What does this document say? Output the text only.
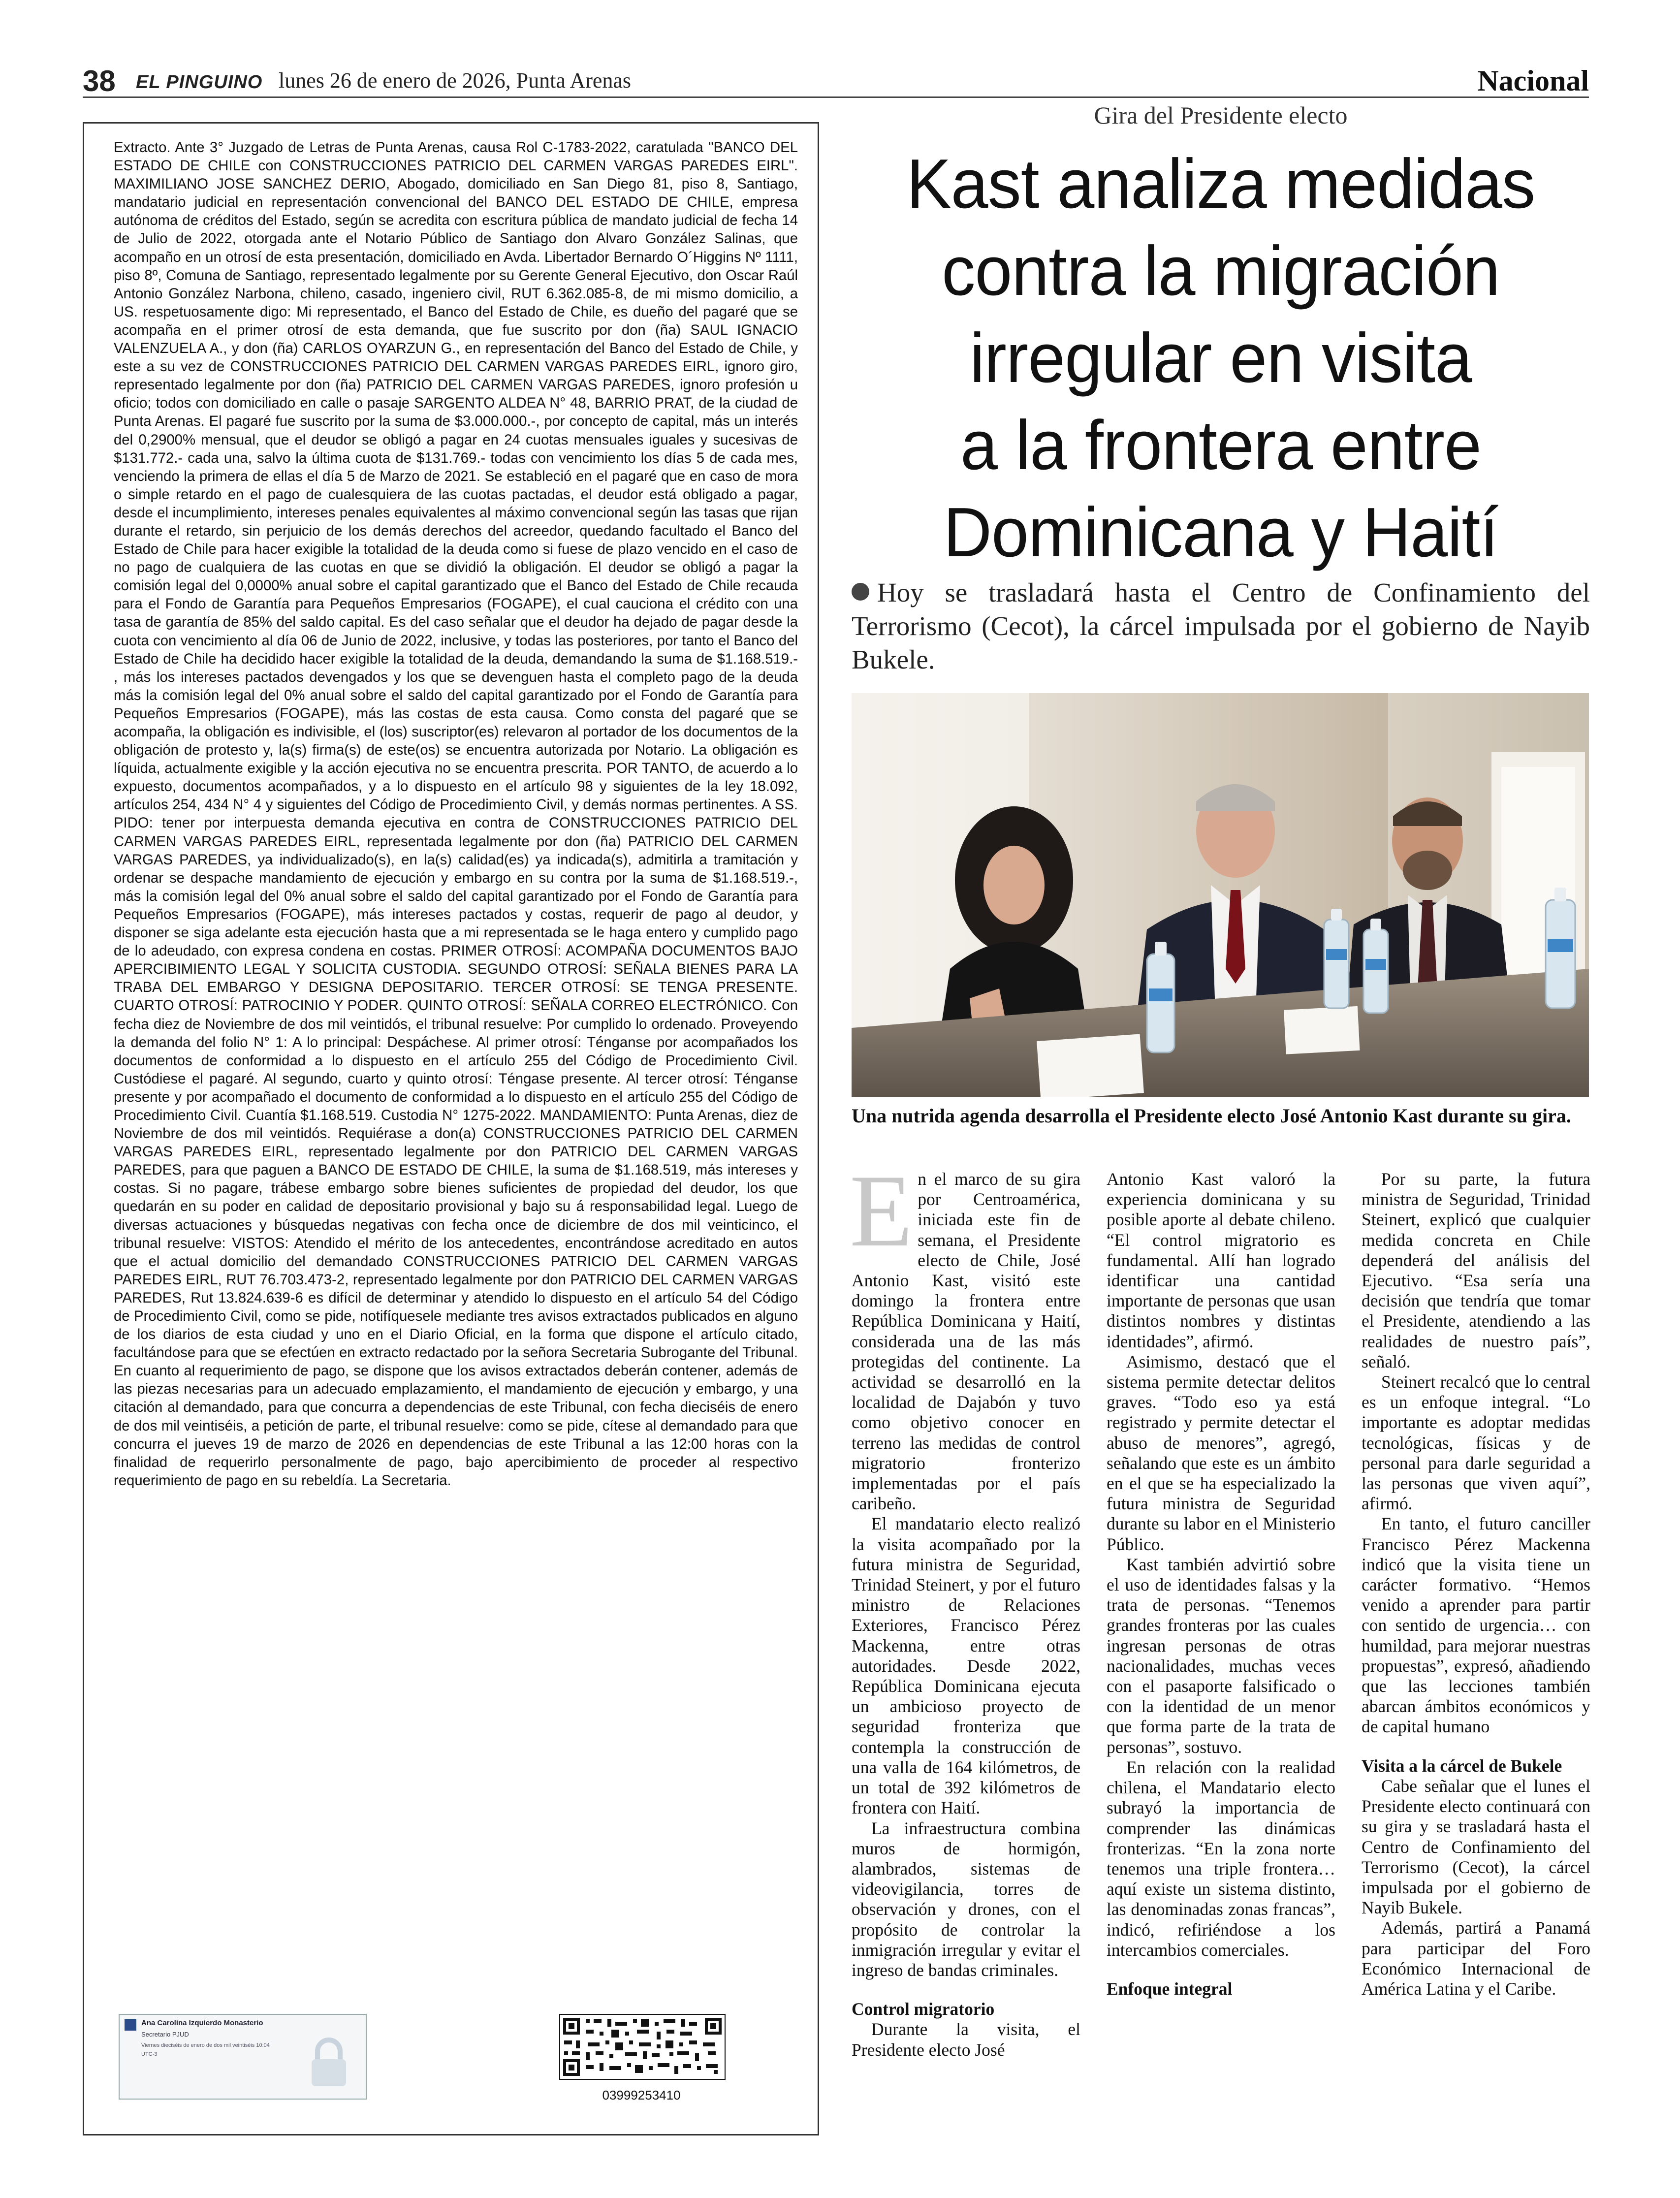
38 EL PINGUINO lunes 26 de enero de 2026, Punta Arenas	Nacional

Extracto. Ante 3° Juzgado de Letras de Punta Arenas, causa Rol C-1783-2022, caratulada "BANCO DEL ESTADO DE CHILE con CONSTRUCCIONES PATRICIO DEL CARMEN VARGAS PAREDES EIRL". MAXIMILIANO JOSE SANCHEZ DERIO, Abogado, domiciliado en San Diego 81, piso 8, Santiago, mandatario judicial en representación convencional del BANCO DEL ESTADO DE CHILE, empresa autónoma de créditos del Estado, según se acredita con escritura pública de mandato judicial de fecha 14 de Julio de 2022, otorgada ante el Notario Público de Santiago don Alvaro González Salinas, que acompaño en un otrosí de esta presentación, domiciliado en Avda. Libertador Bernardo O´Higgins Nº 1111, piso 8º, Comuna de Santiago, representado legalmente por su Gerente General Ejecutivo, don Oscar Raúl Antonio González Narbona, chileno, casado, ingeniero civil, RUT 6.362.085-8, de mi mismo domicilio, a US. respetuosamente digo: Mi representado, el Banco del Estado de Chile, es dueño del pagaré que se acompaña en el primer otrosí de esta demanda, que fue suscrito por don (ña) SAUL IGNACIO VALENZUELA A., y don (ña) CARLOS OYARZUN G., en representación del Banco del Estado de Chile, y este a su vez de CONSTRUCCIONES PATRICIO DEL CARMEN VARGAS PAREDES EIRL, ignoro giro, representado legalmente por don (ña) PATRICIO DEL CARMEN VARGAS PAREDES, ignoro profesión u oficio; todos con domiciliado en calle o pasaje SARGENTO ALDEA N° 48, BARRIO PRAT, de la ciudad de Punta Arenas. El pagaré fue suscrito por la suma de $3.000.000.-, por concepto de capital, más un interés del 0,2900% mensual, que el deudor se obligó a pagar en 24 cuotas mensuales iguales y sucesivas de $131.772.- cada una, salvo la última cuota de $131.769.- todas con vencimiento los días 5 de cada mes, venciendo la primera de ellas el día 5 de Marzo de 2021. Se estableció en el pagaré que en caso de mora o simple retardo en el pago de cualesquiera de las cuotas pactadas, el deudor está obligado a pagar, desde el incumplimiento, intereses penales equivalentes al máximo convencional según las tasas que rijan durante el retardo, sin perjuicio de los demás derechos del acreedor, quedando facultado el Banco del Estado de Chile para hacer exigible la totalidad de la deuda como si fuese de plazo vencido en el caso de no pago de cualquiera de las cuotas en que se dividió la obligación. El deudor se obligó a pagar la comisión legal del 0,0000% anual sobre el capital garantizado que el Banco del Estado de Chile recauda para el Fondo de Garantía para Pequeños Empresarios (FOGAPE), el cual cauciona el crédito con una tasa de garantía de 85% del saldo capital. Es del caso señalar que el deudor ha dejado de pagar desde la cuota con vencimiento al día 06 de Junio de 2022, inclusive, y todas las posteriores, por tanto el Banco del Estado de Chile ha decidido hacer exigible la totalidad de la deuda, demandando la suma de $1.168.519.- , más los intereses pactados devengados y los que se devenguen hasta el completo pago de la deuda más la comisión legal del 0% anual sobre el saldo del capital garantizado por el Fondo de Garantía para Pequeños Empresarios (FOGAPE), más las costas de esta causa. Como consta del pagaré que se acompaña, la obligación es indivisible, el (los) suscriptor(es) relevaron al portador de los documentos de la obligación de protesto y, la(s) firma(s) de este(os) se encuentra autorizada por Notario. La obligación es líquida, actualmente exigible y la acción ejecutiva no se encuentra prescrita. POR TANTO, de acuerdo a lo expuesto, documentos acompañados, y a lo dispuesto en el artículo 98 y siguientes de la ley 18.092, artículos 254, 434 N° 4 y siguientes del Código de Procedimiento Civil, y demás normas pertinentes. A SS. PIDO: tener por interpuesta demanda ejecutiva en contra de CONSTRUCCIONES PATRICIO DEL CARMEN VARGAS PAREDES EIRL, representada legalmente por don (ña) PATRICIO DEL CARMEN VARGAS PAREDES, ya individualizado(s), en la(s) calidad(es) ya indicada(s), admitirla a tramitación y ordenar se despache mandamiento de ejecución y embargo en su contra por la suma de $1.168.519.-, más la comisión legal del 0% anual sobre el saldo del capital garantizado por el Fondo de Garantía para Pequeños Empresarios (FOGAPE), más intereses pactados y costas, requerir de pago al deudor, y disponer se siga adelante esta ejecución hasta que a mi representada se le haga entero y cumplido pago de lo adeudado, con expresa condena en costas. PRIMER OTROSÍ: ACOMPAÑA DOCUMENTOS BAJO APERCIBIMIENTO LEGAL Y SOLICITA CUSTODIA. SEGUNDO OTROSÍ: SEÑALA BIENES PARA LA TRABA DEL EMBARGO Y DESIGNA DEPOSITARIO. TERCER OTROSÍ: SE TENGA PRESENTE. CUARTO OTROSÍ: PATROCINIO Y PODER. QUINTO OTROSÍ: SEÑALA CORREO ELECTRÓNICO. Con fecha diez de Noviembre de dos mil veintidós, el tribunal resuelve: Por cumplido lo ordenado. Proveyendo la demanda del folio N° 1: A lo principal: Despáchese. Al primer otrosí: Ténganse por acompañados los documentos de conformidad a lo dispuesto en el artículo 255 del Código de Procedimiento Civil. Custódiese el pagaré. Al segundo, cuarto y quinto otrosí: Téngase presente. Al tercer otrosí: Ténganse presente y por acompañado el documento de conformidad a lo dispuesto en el artículo 255 del Código de Procedimiento Civil. Cuantía $1.168.519. Custodia N° 1275-2022. MANDAMIENTO: Punta Arenas, diez de Noviembre de dos mil veintidós. Requiérase a don(a) CONSTRUCCIONES PATRICIO DEL CARMEN VARGAS PAREDES EIRL, representado legalmente por don PATRICIO DEL CARMEN VARGAS PAREDES, para que paguen a BANCO DE ESTADO DE CHILE, la suma de $1.168.519, más intereses y costas. Si no pagare, trábese embargo sobre bienes suficientes de propiedad del deudor, los que quedarán en su poder en calidad de depositario provisional y bajo su á responsabilidad legal. Luego de diversas actuaciones y búsquedas negativas con fecha once de diciembre de dos mil veinticinco, el tribunal resuelve: VISTOS: Atendido el mérito de los antecedentes, encontrándose acreditado en autos que el actual domicilio del demandado CONSTRUCCIONES PATRICIO DEL CARMEN VARGAS PAREDES EIRL, RUT 76.703.473-2, representado legalmente por don PATRICIO DEL CARMEN VARGAS PAREDES, Rut 13.824.639-6 es difícil de determinar y atendido lo dispuesto en el artículo 54 del Código de Procedimiento Civil, como se pide, notifíquesele mediante tres avisos extractados publicados en alguno de los diarios de esta ciudad y uno en el Diario Oficial, en la forma que dispone el artículo citado, facultándose para que se efectúen en extracto redactado por la señora Secretaria Subrogante del Tribunal. En cuanto al requerimiento de pago, se dispone que los avisos extractados deberán contener, además de las piezas necesarias para un adecuado emplazamiento, el mandamiento de ejecución y embargo, y una citación al demandado, para que concurra a dependencias de este Tribunal, con fecha dieciséis de enero de dos mil veintiséis, a petición de parte, el tribunal resuelve: como se pide, cítese al demandado para que concurra el jueves 19 de marzo de 2026 en dependencias de este Tribunal a las 12:00 horas con la finalidad de requerirlo personalmente de pago, bajo apercibimiento de proceder al respectivo requerimiento de pago en su rebeldía. La Secretaria.

Ana Carolina Izquierdo Monasterio
Secretario PJUD
Viernes dieciséis de enero de dos mil veintiséis 10:04
UTC-3
03999253410
Gira del Presidente electo
Kast analiza medidas
contra la migración
irregular en visita
a la frontera entre
Dominicana y Haití

Hoy se trasladará hasta el Centro de Confinamiento del Terrorismo (Cecot), la cárcel impulsada por el gobierno de Nayib Bukele.

Una nutrida agenda desarrolla el Presidente electo José Antonio Kast durante su gira.

En el marco de su gira por Centroamérica, iniciada este fin de semana, el Presidente electo de Chile, José Antonio Kast, visitó este domingo la frontera entre República Dominicana y Haití, considerada una de las más protegidas del continente. La actividad se desarrolló en la localidad de Dajabón y tuvo como objetivo conocer en terreno las medidas de control migratorio fronterizo implementadas por el país caribeño.

El mandatario electo realizó la visita acompañado por la futura ministra de Seguridad, Trinidad Steinert, y por el futuro ministro de Relaciones Exteriores, Francisco Pérez Mackenna, entre otras autoridades. Desde 2022, República Dominicana ejecuta un ambicioso proyecto de seguridad fronteriza que contempla la construcción de una valla de 164 kilómetros, de un total de 392 kilómetros de frontera con Haití.

La infraestructura combina muros de hormigón, alambrados, sistemas de videovigilancia, torres de observación y drones, con el propósito de controlar la inmigración irregular y evitar el ingreso de bandas criminales.

Control migratorio

Durante la visita, el Presidente electo José

Antonio Kast valoró la experiencia dominicana y su posible aporte al debate chileno. “El control migratorio es fundamental. Allí han logrado identificar una cantidad importante de personas que usan distintos nombres y distintas identidades”, afirmó.

Asimismo, destacó que el sistema permite detectar delitos graves. “Todo eso ya está registrado y permite detectar el abuso de menores”, agregó, señalando que este es un ámbito en el que se ha especializado la futura ministra de Seguridad durante su labor en el Ministerio Público.

Kast también advirtió sobre el uso de identidades falsas y la trata de personas. “Tenemos grandes fronteras por las cuales ingresan personas de otras nacionalidades, muchas veces con el pasaporte falsificado o con la identidad de un menor que forma parte de la trata de personas”, sostuvo.

En relación con la realidad chilena, el Mandatario electo subrayó la importancia de comprender las dinámicas fronterizas. “En la zona norte tenemos una triple frontera… aquí existe un sistema distinto, las denominadas zonas francas”, indicó, refiriéndose a los intercambios comerciales.

Enfoque integral

Por su parte, la futura ministra de Seguridad, Trinidad Steinert, explicó que cualquier medida concreta en Chile dependerá del análisis del Ejecutivo. “Esa sería una decisión que tendría que tomar el Presidente, atendiendo a las realidades de nuestro país”, señaló.

Steinert recalcó que lo central es un enfoque integral. “Lo importante es adoptar medidas tecnológicas, físicas y de personal para darle seguridad a las personas que viven aquí”, afirmó.

En tanto, el futuro canciller Francisco Pérez Mackenna indicó que la visita tiene un carácter formativo. “Hemos venido a aprender para partir con sentido de urgencia… con humildad, para mejorar nuestras propuestas”, expresó, añadiendo que las lecciones también abarcan ámbitos económicos y de capital humano

Visita a la cárcel de Bukele

Cabe señalar que el lunes el Presidente electo continuará con su gira y se trasladará hasta el Centro de Confinamiento del Terrorismo (Cecot), la cárcel impulsada por el gobierno de Nayib Bukele.

Además, partirá a Panamá para participar del Foro Económico Internacional de América Latina y el Caribe.
